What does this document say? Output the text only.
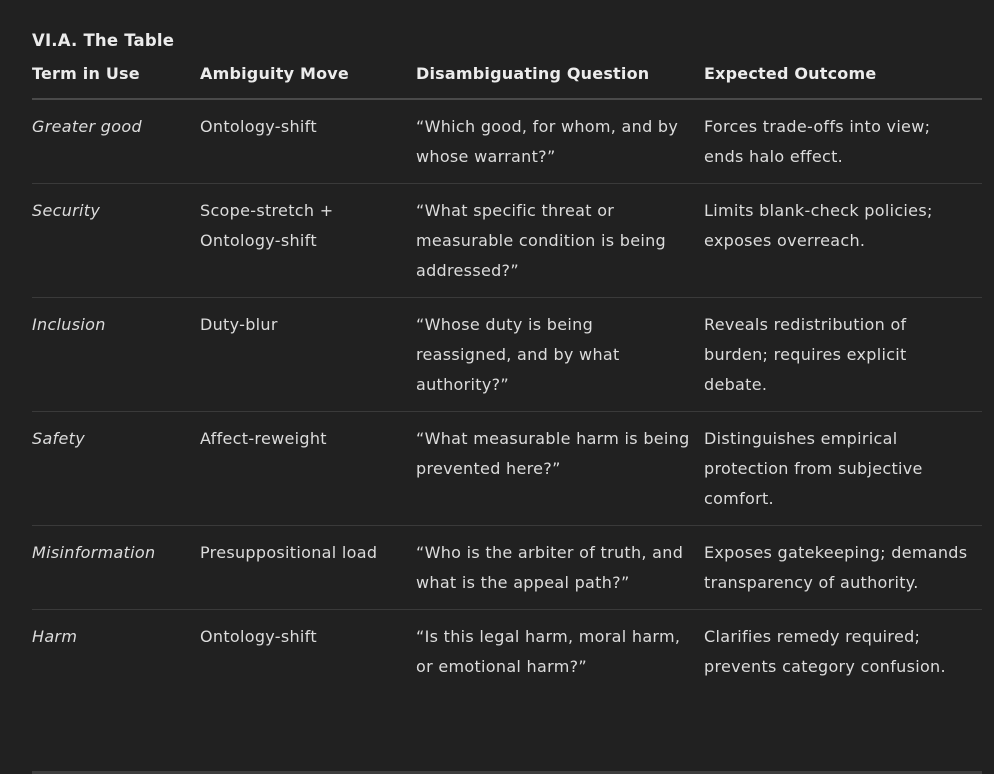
VI.A. The Table
Term in Use	Ambiguity Move	Disambiguating Question	Expected Outcome
Greater good	Ontology-shift	“Which good, for whom, and by whose warrant?”	Forces trade-offs into view; ends halo effect.
Security	Scope-stretch + Ontology-shift	“What specific threat or measurable condition is being addressed?”	Limits blank-check policies; exposes overreach.
Inclusion	Duty-blur	“Whose duty is being reassigned, and by what authority?”	Reveals redistribution of burden; requires explicit debate.
Safety	Affect-reweight	“What measurable harm is being prevented here?”	Distinguishes empirical protection from subjective comfort.
Misinformation	Presuppositional load	“Who is the arbiter of truth, and what is the appeal path?”	Exposes gatekeeping; demands transparency of authority.
Harm	Ontology-shift	“Is this legal harm, moral harm, or emotional harm?”	Clarifies remedy required; prevents category confusion.
